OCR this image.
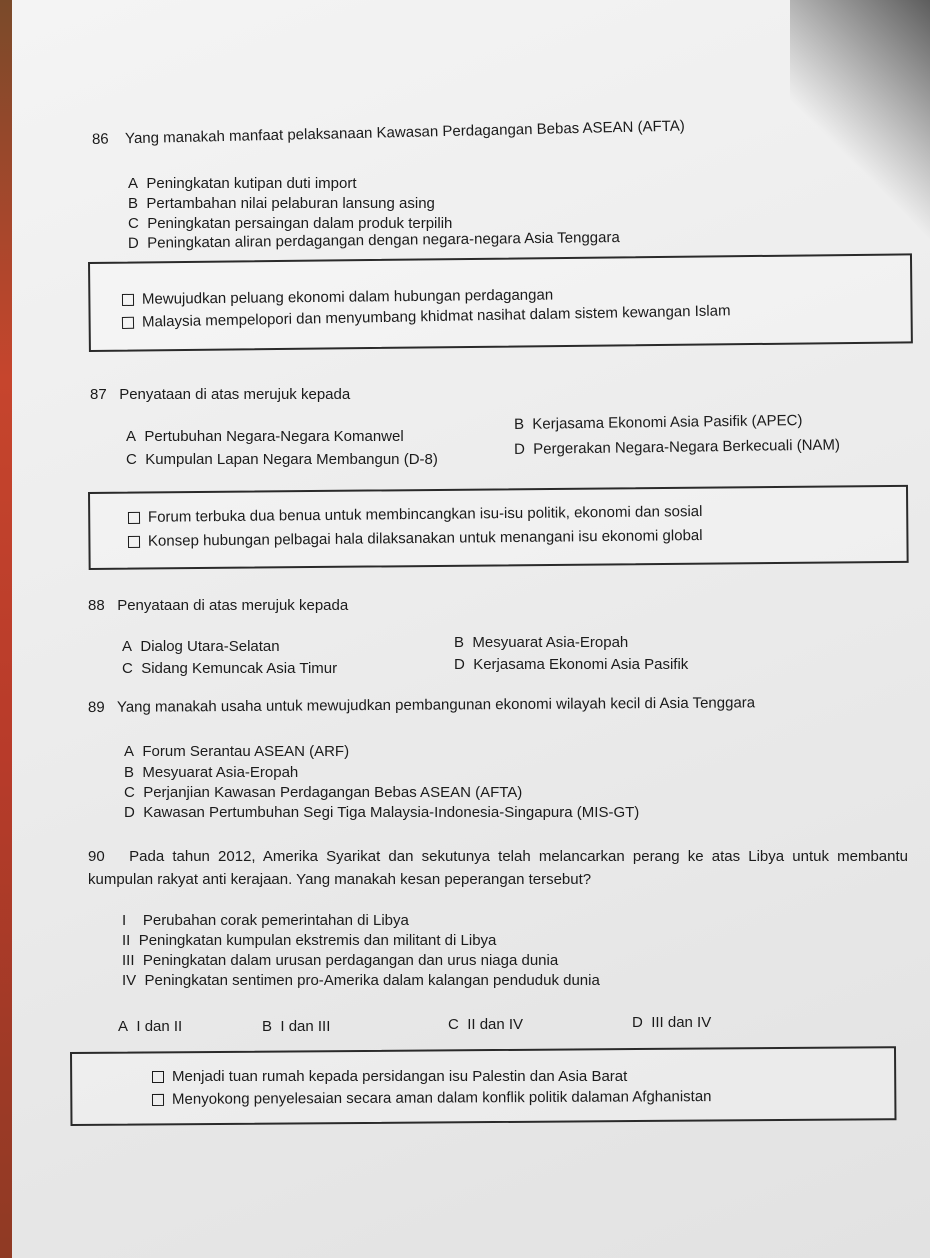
86 Yang manakah manfaat pelaksanaan Kawasan Perdagangan Bebas ASEAN (AFTA)
A Peningkatan kutipan duti import
B Pertambahan nilai pelaburan lansung asing
C Peningkatan persaingan dalam produk terpilih
D Peningkatan aliran perdagangan dengan negara-negara Asia Tenggara
Mewujudkan peluang ekonomi dalam hubungan perdagangan
Malaysia mempelopori dan menyumbang khidmat nasihat dalam sistem kewangan Islam
87 Penyataan di atas merujuk kepada
A Pertubuhan Negara-Negara Komanwel
B Kerjasama Ekonomi Asia Pasifik (APEC)
C Kumpulan Lapan Negara Membangun (D-8)
D Pergerakan Negara-Negara Berkecuali (NAM)
Forum terbuka dua benua untuk membincangkan isu-isu politik, ekonomi dan sosial
Konsep hubungan pelbagai hala dilaksanakan untuk menangani isu ekonomi global
88 Penyataan di atas merujuk kepada
A Dialog Utara-Selatan	B Mesyuarat Asia-Eropah
C Sidang Kemuncak Asia Timur	D Kerjasama Ekonomi Asia Pasifik
89 Yang manakah usaha untuk mewujudkan pembangunan ekonomi wilayah kecil di Asia Tenggara
A Forum Serantau ASEAN (ARF)
B Mesyuarat Asia-Eropah
C Perjanjian Kawasan Perdagangan Bebas ASEAN (AFTA)
D Kawasan Pertumbuhan Segi Tiga Malaysia-Indonesia-Singapura (MIS-GT)
90 Pada tahun 2012, Amerika Syarikat dan sekutunya telah melancarkan perang ke atas Libya untuk membantu kumpulan rakyat anti kerajaan. Yang manakah kesan peperangan tersebut?
I Perubahan corak pemerintahan di Libya
II Peningkatan kumpulan ekstremis dan militant di Libya
III Peningkatan dalam urusan perdagangan dan urus niaga dunia
IV Peningkatan sentimen pro-Amerika dalam kalangan penduduk dunia
A I dan II	B I dan III	C II dan IV	D III dan IV
Menjadi tuan rumah kepada persidangan isu Palestin dan Asia Barat
Menyokong penyelesaian secara aman dalam konflik politik dalaman Afghanistan
